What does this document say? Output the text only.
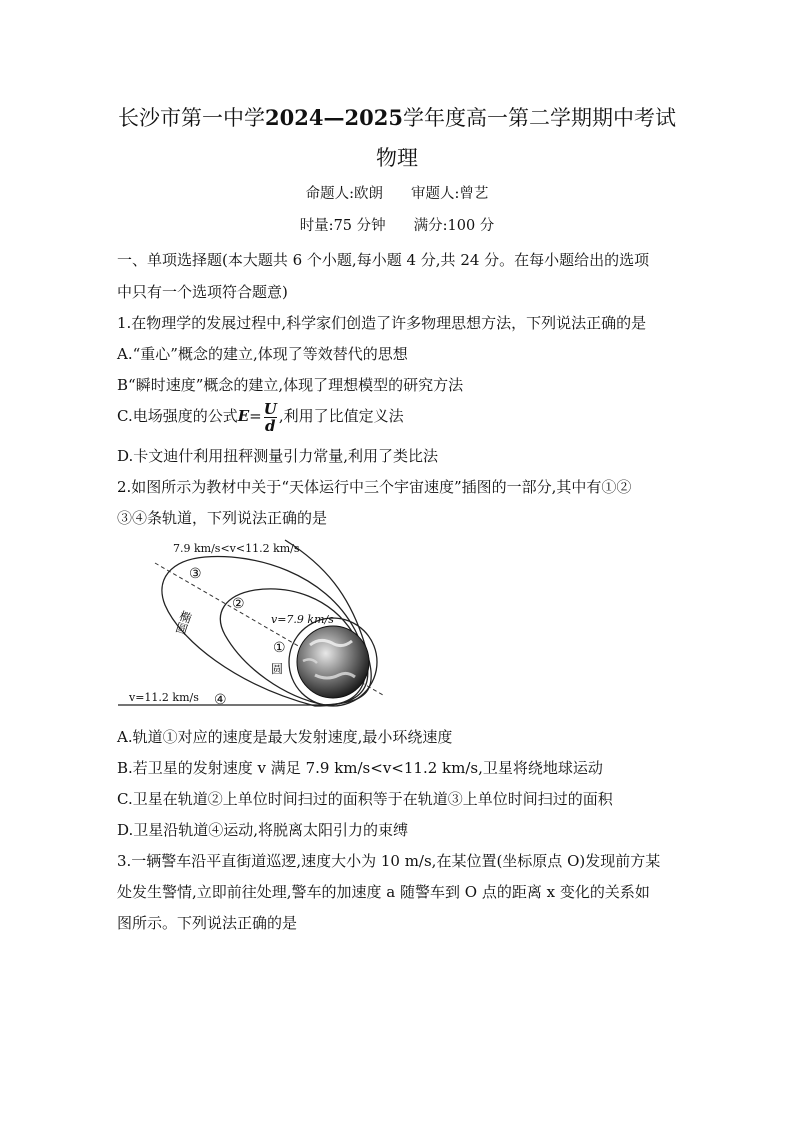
长沙市第一中学2024—2025学年度高一第二学期期中考试
物理
命题人:欧朗 审题人:曾艺
时量:75 分钟 满分:100 分
一、单项选择题(本大题共 6 个小题,每小题 4 分,共 24 分。在每小题给出的选项
中只有一个选项符合题意)
1.在物理学的发展过程中,科学家们创造了许多物理思想方法，下列说法正确的是
A.“重心”概念的建立,体现了等效替代的思想
B“瞬时速度”概念的建立,体现了理想模型的研究方法
C.电场强度的公式$E= \frac{U}{d}$ ,利用了比值定义法
D.卡文迪什利用扭秤测量引力常量,利用了类比法
2.如图所示为教材中关于“天体运行中三个宇宙速度”插图的一部分,其中有①②
③④条轨道，下列说法正确的是
7.9 km/s<v<11.2 km/s
v=7.9 km/s
v=11.2 km/s
③
②
①
④
椭圆
圆
A.轨道①对应的速度是最大发射速度,最小环绕速度
B.若卫星的发射速度 v 满足 7.9 km/s<v<11.2 km/s,卫星将绕地球运动
C.卫星在轨道②上单位时间扫过的面积等于在轨道③上单位时间扫过的面积
D.卫星沿轨道④运动,将脱离太阳引力的束缚
3.一辆警车沿平直街道巡逻,速度大小为 10 m/s,在某位置(坐标原点 O)发现前方某
处发生警情,立即前往处理,警车的加速度 a 随警车到 O 点的距离 x 变化的关系如
图所示。下列说法正确的是
